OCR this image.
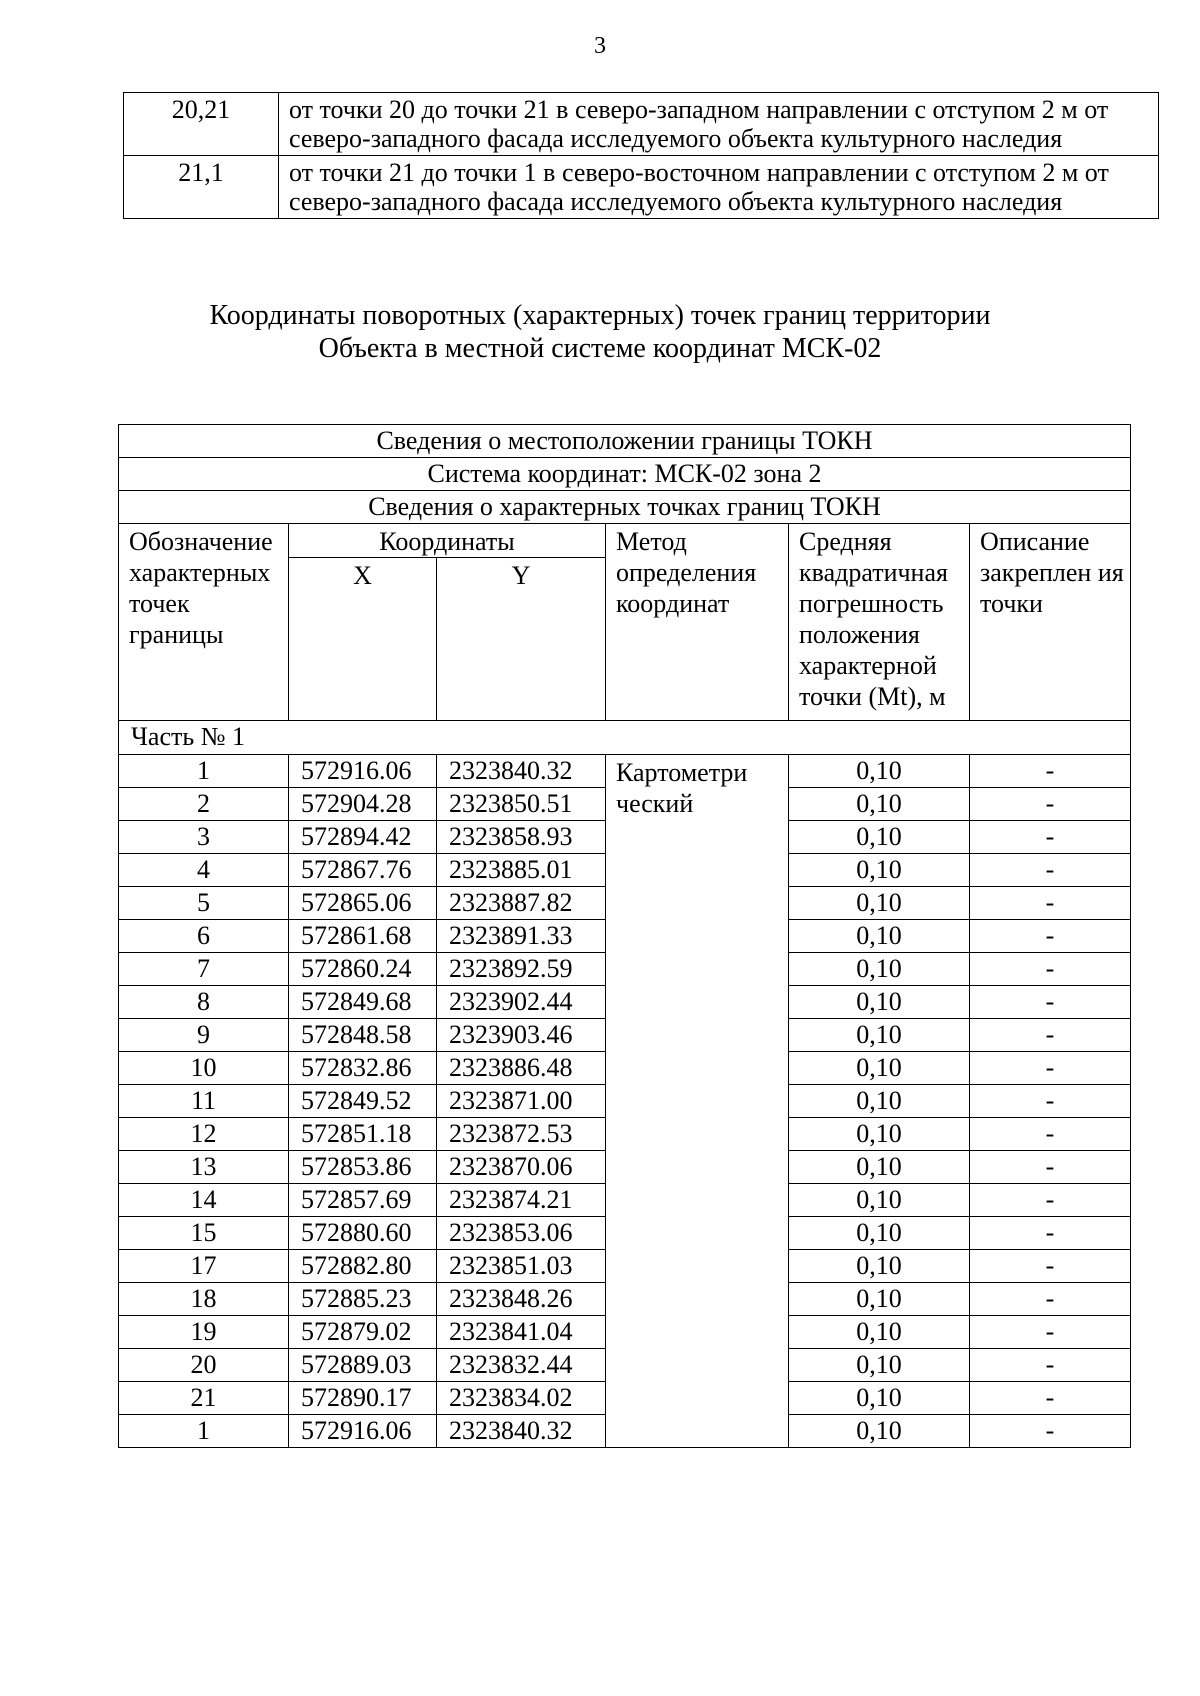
3
20,21	от точки 20 до точки 21 в северо-западном направлении с отступом 2 м от северо-западного фасада исследуемого объекта культурного наследия
21,1	от точки 21 до точки 1 в северо-восточном направлении с отступом 2 м от северо-западного фасада исследуемого объекта культурного наследия
Координаты поворотных (характерных) точек границ территории
Объекта в местной системе координат МСК-02
Сведения о местоположении границы ТОКН					
Система координат: МСК-02 зона 2					
Сведения о характерных точках границ ТОКН					
Обозначение характерных точек границы	Координаты		Метод определения координат	Средняя квадратичная погрешность положения характерной точки (Mt), м	Описание закреплен ия точки
	X	Y			
Часть № 1					
1	572916.06	2323840.32	Картометри ческий	0,10	-
2	572904.28	2323850.51		0,10	-
3	572894.42	2323858.93		0,10	-
4	572867.76	2323885.01		0,10	-
5	572865.06	2323887.82		0,10	-
6	572861.68	2323891.33		0,10	-
7	572860.24	2323892.59		0,10	-
8	572849.68	2323902.44		0,10	-
9	572848.58	2323903.46		0,10	-
10	572832.86	2323886.48		0,10	-
11	572849.52	2323871.00		0,10	-
12	572851.18	2323872.53		0,10	-
13	572853.86	2323870.06		0,10	-
14	572857.69	2323874.21		0,10	-
15	572880.60	2323853.06		0,10	-
17	572882.80	2323851.03		0,10	-
18	572885.23	2323848.26		0,10	-
19	572879.02	2323841.04		0,10	-
20	572889.03	2323832.44		0,10	-
21	572890.17	2323834.02		0,10	-
1	572916.06	2323840.32		0,10	-
